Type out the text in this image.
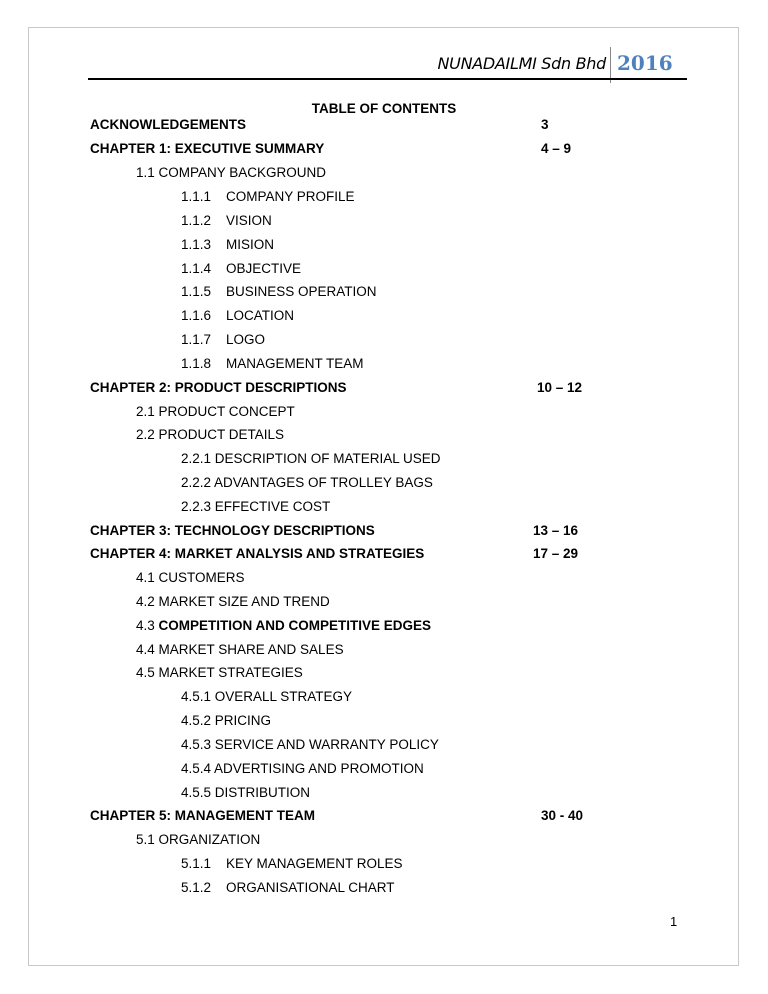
NUNADAILMI Sdn Bhd 2016
TABLE OF CONTENTS
ACKNOWLEDGEMENTS	3
CHAPTER 1: EXECUTIVE SUMMARY	4 – 9
1.1 COMPANY BACKGROUND
1.1.1 COMPANY PROFILE
1.1.2 VISION
1.1.3 MISION
1.1.4 OBJECTIVE
1.1.5 BUSINESS OPERATION
1.1.6 LOCATION
1.1.7 LOGO
1.1.8 MANAGEMENT TEAM
CHAPTER 2: PRODUCT DESCRIPTIONS	10 – 12
2.1 PRODUCT CONCEPT
2.2 PRODUCT DETAILS
2.2.1 DESCRIPTION OF MATERIAL USED
2.2.2 ADVANTAGES OF TROLLEY BAGS
2.2.3 EFFECTIVE COST
CHAPTER 3: TECHNOLOGY DESCRIPTIONS	13 – 16
CHAPTER 4: MARKET ANALYSIS AND STRATEGIES	17 – 29
4.1 CUSTOMERS
4.2 MARKET SIZE AND TREND
4.3 COMPETITION AND COMPETITIVE EDGES
4.4 MARKET SHARE AND SALES
4.5 MARKET STRATEGIES
4.5.1 OVERALL STRATEGY
4.5.2 PRICING
4.5.3 SERVICE AND WARRANTY POLICY
4.5.4 ADVERTISING AND PROMOTION
4.5.5 DISTRIBUTION
CHAPTER 5: MANAGEMENT TEAM	30 - 40
5.1 ORGANIZATION
5.1.1 KEY MANAGEMENT ROLES
5.1.2 ORGANISATIONAL CHART
1
